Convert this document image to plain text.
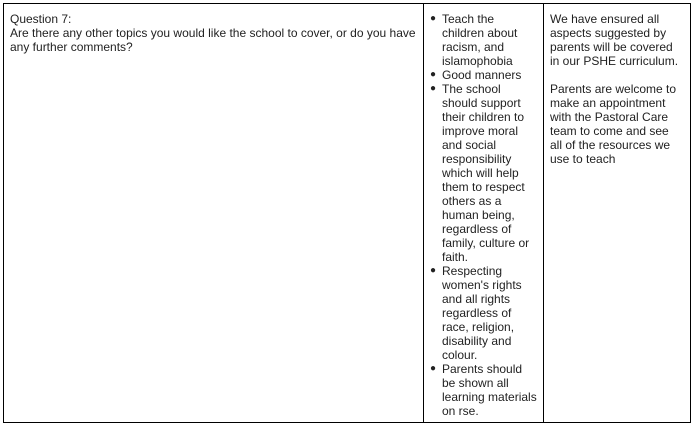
Question 7:
Are there any other topics you would like the school to cover, or do you have any further comments?

● Teach the children about racism, and islamophobia
● Good manners
● The school should support their children to improve moral and social responsibility which will help them to respect others as a human being, regardless of family, culture or faith.
● Respecting women's rights and all rights regardless of race, religion, disability and colour.
● Parents should be shown all learning materials on rse.

We have ensured all aspects suggested by parents will be covered in our PSHE curriculum.
Parents are welcome to make an appointment with the Pastoral Care team to come and see all of the resources we use to teach
